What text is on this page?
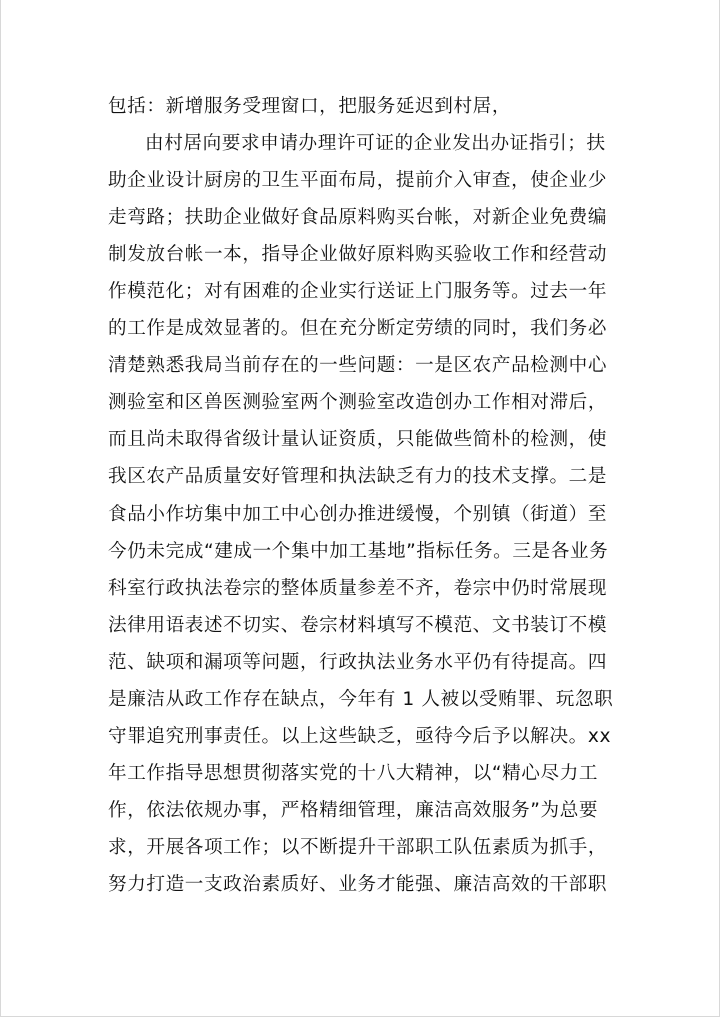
包括：新增服务受理窗口，把服务延迟到村居，
由村居向要求申请办理许可证的企业发出办证指引；扶
助企业设计厨房的卫生平面布局，提前介入审查，使企业少
走弯路；扶助企业做好食品原料购买台帐，对新企业免费编
制发放台帐一本，指导企业做好原料购买验收工作和经营动
作模范化；对有困难的企业实行送证上门服务等。过去一年
的工作是成效显著的。但在充分断定劳绩的同时，我们务必
清楚熟悉我局当前存在的一些问题：一是区农产品检测中心
测验室和区兽医测验室两个测验室改造创办工作相对滞后，
而且尚未取得省级计量认证资质，只能做些简朴的检测，使
我区农产品质量安好管理和执法缺乏有力的技术支撑。二是
食品小作坊集中加工中心创办推进缓慢，个别镇（街道）至
今仍未完成“建成一个集中加工基地”指标任务。三是各业务
科室行政执法卷宗的整体质量参差不齐，卷宗中仍时常展现
法律用语表述不切实、卷宗材料填写不模范、文书装订不模
范、缺项和漏项等问题，行政执法业务水平仍有待提高。四
是廉洁从政工作存在缺点，今年有 1 人被以受贿罪、玩忽职
守罪追究刑事责任。以上这些缺乏，亟待今后予以解决。xx
年工作指导思想贯彻落实党的十八大精神，以“精心尽力工
作，依法依规办事，严格精细管理，廉洁高效服务”为总要
求，开展各项工作；以不断提升干部职工队伍素质为抓手，
努力打造一支政治素质好、业务才能强、廉洁高效的干部职
